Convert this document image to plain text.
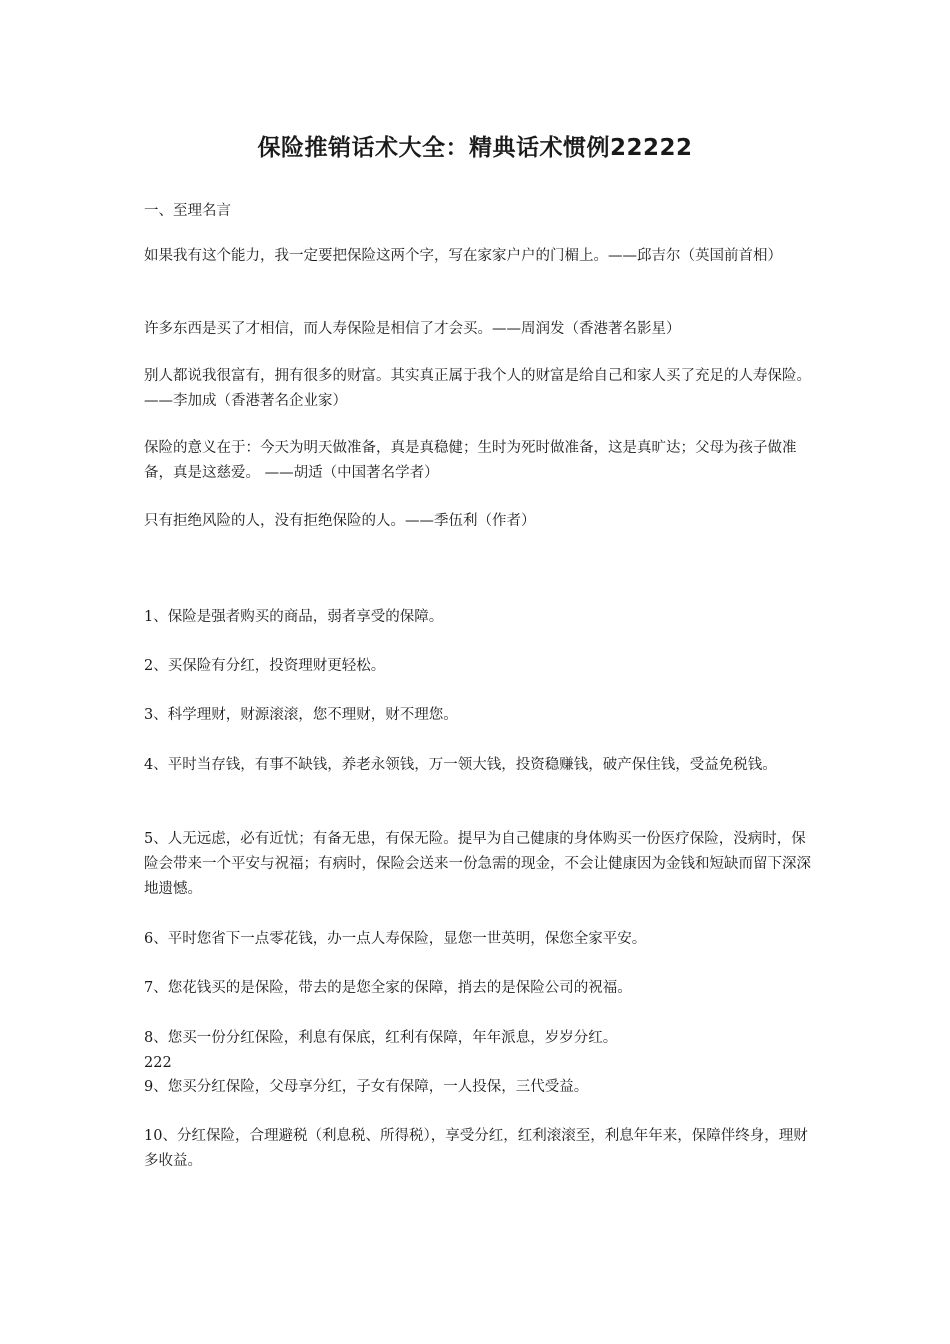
保险推销话术大全：精典话术惯例22222

一、至理名言

如果我有这个能力，我一定要把保险这两个字，写在家家户户的门楣上。——邱吉尔（英国前首相）

许多东西是买了才相信，而人寿保险是相信了才会买。——周润发（香港著名影星）

别人都说我很富有，拥有很多的财富。其实真正属于我个人的财富是给自己和家人买了充足的人寿保险。——李加成（香港著名企业家）

保险的意义在于：今天为明天做准备，真是真稳健；生时为死时做准备，这是真旷达；父母为孩子做准备，真是这慈爱。 ——胡适（中国著名学者）

只有拒绝风险的人，没有拒绝保险的人。——季伍利（作者）

1、保险是强者购买的商品，弱者享受的保障。

2、买保险有分红，投资理财更轻松。

3、科学理财，财源滚滚，您不理财，财不理您。

4、平时当存钱，有事不缺钱，养老永领钱，万一领大钱，投资稳赚钱，破产保住钱，受益免税钱。

5、人无远虑，必有近忧；有备无患，有保无险。提早为自己健康的身体购买一份医疗保险，没病时，保险会带来一个平安与祝福；有病时，保险会送来一份急需的现金，不会让健康因为金钱和短缺而留下深深地遗憾。

6、平时您省下一点零花钱，办一点人寿保险，显您一世英明，保您全家平安。

7、您花钱买的是保险，带去的是您全家的保障，捎去的是保险公司的祝福。

8、您买一份分红保险，利息有保底，红利有保障，年年派息，岁岁分红。

222

9、您买分红保险，父母享分红，子女有保障，一人投保，三代受益。

10、分红保险，合理避税（利息税、所得税），享受分红，红利滚滚至，利息年年来，保障伴终身，理财多收益。
